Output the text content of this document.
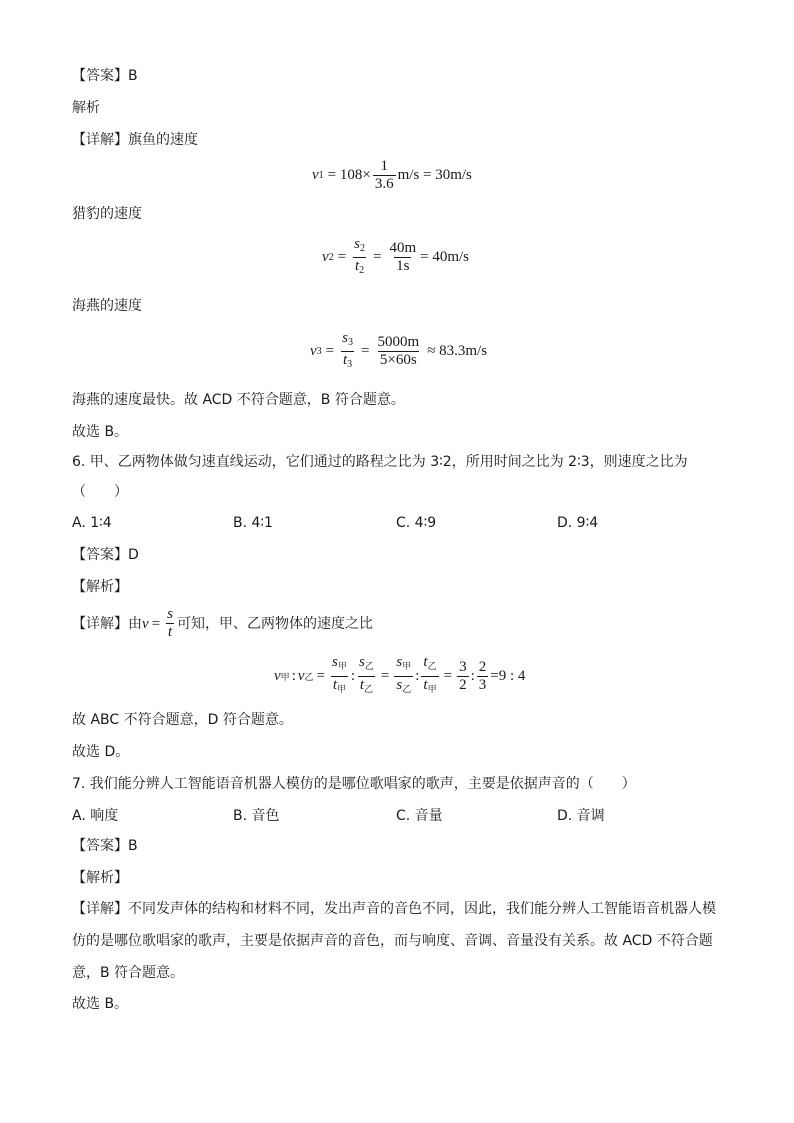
【答案】B
解析
【详解】旗鱼的速度
v $1 = 108\times \frac{1}{3.6} m/s = 30m/s$
猎豹的速度
v $2 = \frac{s_2}{t_2} = \frac{40m}{1s} = 40m/s$
海燕的速度
v $3 = \frac{s_3}{t_3} = \frac{5000m}{5\times 60s} \approx 83.3m/s$
海燕的速度最快。故 ACD 不符合题意，B 符合题意。
故选 B。
6. 甲、乙两物体做匀速直线运动，它们通过的路程之比为 3∶2，所用时间之比为 2∶3，则速度之比为
（　　）
A. 1∶4	B. 4∶1	C. 4∶9	D. 9∶4
【答案】D
【解析】
【详解】 由 $v = \frac{s}{t}$ 可知，甲、乙两物体的速度之比
v 甲 : v 乙 = $\frac{s_甲}{t_甲}$ : $\frac{s_乙}{t_乙} = \frac{s_甲}{s_乙}$ : $\frac{t_乙}{t_甲} = \frac{3}{2}$ : $\frac{2}{3} =9$ : 4
故 ABC 不符合题意，D 符合题意。
故选 D。
7. 我们能分辨人工智能语音机器人模仿的是哪位歌唱家的歌声，主要是依据声音的（　　）
A. 响度	B. 音色	C. 音量	D. 音调
【答案】B
【解析】
【详解】不同发声体的结构和材料不同，发出声音的音色不同，因此，我们能分辨人工智能语音机器人模
仿的是哪位歌唱家的歌声，主要是依据声音的音色，而与响度、音调、音量没有关系。故 ACD 不符合题
意，B 符合题意。
故选 B。
